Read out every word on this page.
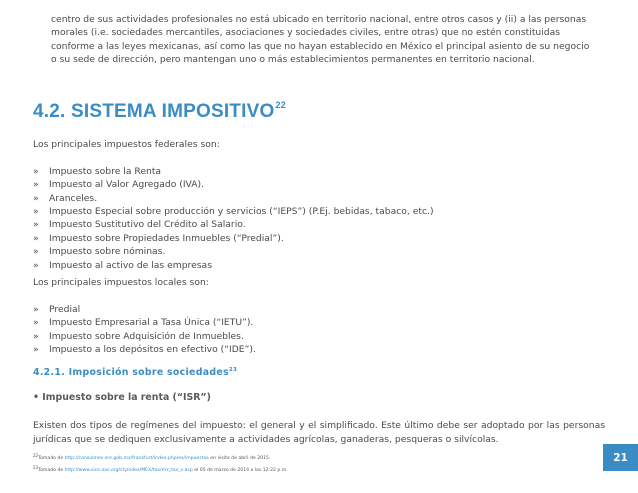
centro de sus actividades profesionales no está ubicado en territorio nacional, entre otros casos y (ii) a las personas

morales (i.e. sociedades mercantiles, asociaciones y sociedades civiles, entre otras) que no estén constituidas

conforme a las leyes mexicanas, así como las que no hayan establecido en México el principal asiento de su negocio

o su sede de dirección, pero mantengan uno o más establecimientos permanentes en territorio nacional.

4.2. SISTEMA IMPOSITIVO$^{22}$
Los principales impuestos federales son:
» Impuesto sobre la Renta
» Impuesto al Valor Agregado (IVA).
» Aranceles.
» Impuesto Especial sobre producción y servicios (“IEPS”) (P.Ej. bebidas, tabaco, etc.)
» Impuesto Sustitutivo del Crédito al Salario.
» Impuesto sobre Propiedades Inmuebles (“Predial”).
» Impuesto sobre nóminas.
» Impuesto al activo de las empresas
Los principales impuestos locales son:
» Predial
» Impuesto Empresarial a Tasa Única (“IETU”).
» Impuesto sobre Adquisición de Inmuebles.
» Impuesto a los depósitos en efectivo (“IDE”).
4.2.1. Imposición sobre sociedades$^{23}$
• Impuesto sobre la renta (“ISR”)
Existen dos tipos de regímenes del impuesto: el general y el simplificado. Este último debe ser adoptado por las personas jurídicas que se dediquen exclusivamente a actividades agrícolas, ganaderas, pesqueras o silvícolas.
$^{22}$Tomado de http://consulmex.sre.gob.mx/frankfurt/index.php/es/impuestos en visita de abril de 2015.
$^{23}$Tomado de http://www.sice.oas.org/ctyindex/MEX/tax/mx_tax_s.asp el 05 de marzo de 2014 a las 12:22 p.m.
21
